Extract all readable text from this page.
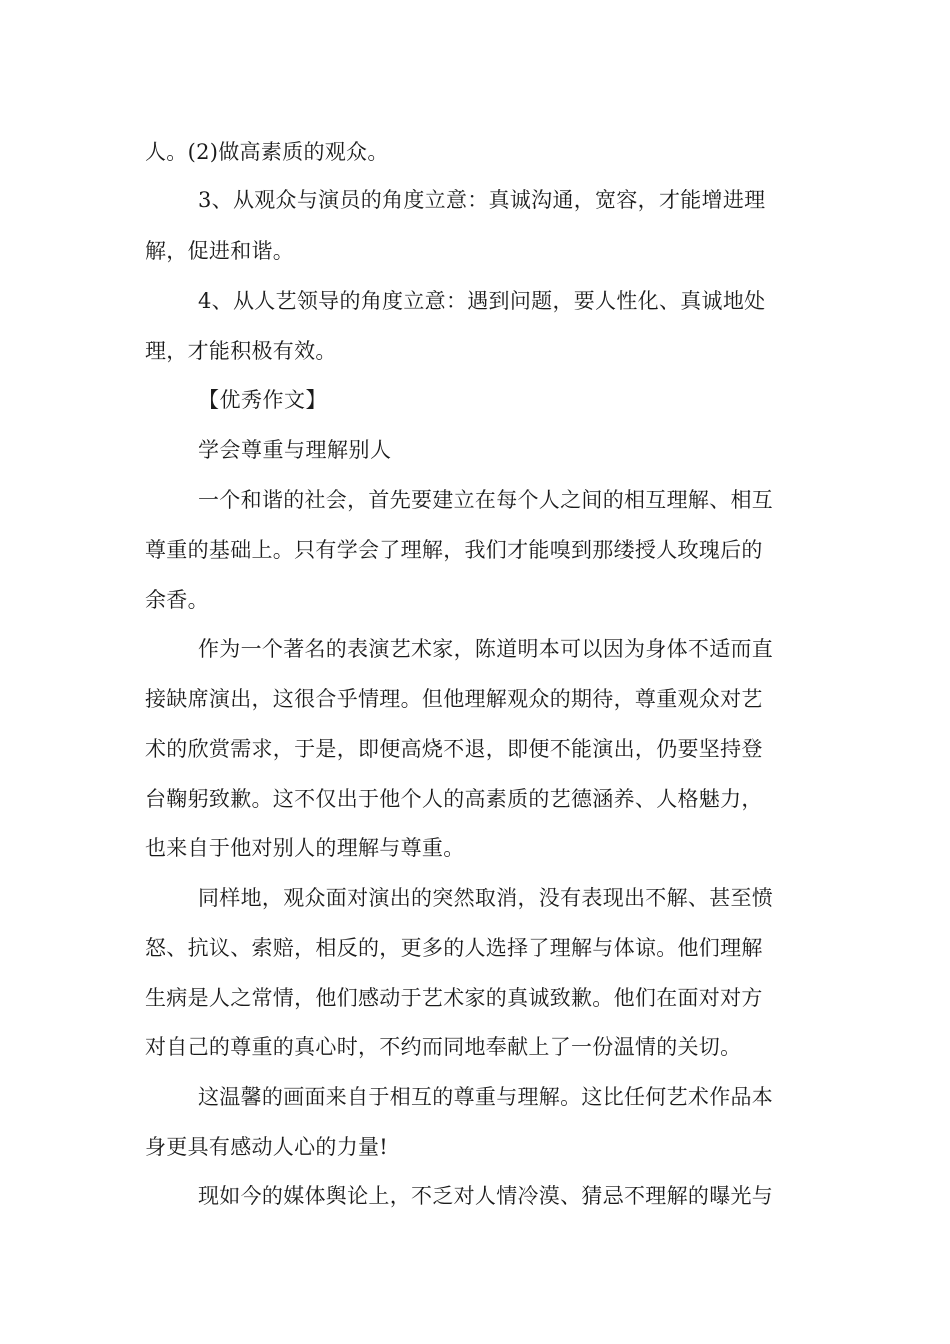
人。(2)做高素质的观众。
3、从观众与演员的角度立意：真诚沟通，宽容，才能增进理
解，促进和谐。
4、从人艺领导的角度立意：遇到问题，要人性化、真诚地处
理，才能积极有效。
【优秀作文】
学会尊重与理解别人
一个和谐的社会，首先要建立在每个人之间的相互理解、相互
尊重的基础上。只有学会了理解，我们才能嗅到那缕授人玫瑰后的
余香。
作为一个著名的表演艺术家，陈道明本可以因为身体不适而直
接缺席演出，这很合乎情理。但他理解观众的期待，尊重观众对艺
术的欣赏需求，于是，即便高烧不退，即便不能演出，仍要坚持登
台鞠躬致歉。这不仅出于他个人的高素质的艺德涵养、人格魅力，
也来自于他对别人的理解与尊重。
同样地，观众面对演出的突然取消，没有表现出不解、甚至愤
怒、抗议、索赔，相反的，更多的人选择了理解与体谅。他们理解
生病是人之常情，他们感动于艺术家的真诚致歉。他们在面对对方
对自己的尊重的真心时，不约而同地奉献上了一份温情的关切。
这温馨的画面来自于相互的尊重与理解。这比任何艺术作品本
身更具有感动人心的力量!
现如今的媒体舆论上，不乏对人情冷漠、猜忌不理解的曝光与
